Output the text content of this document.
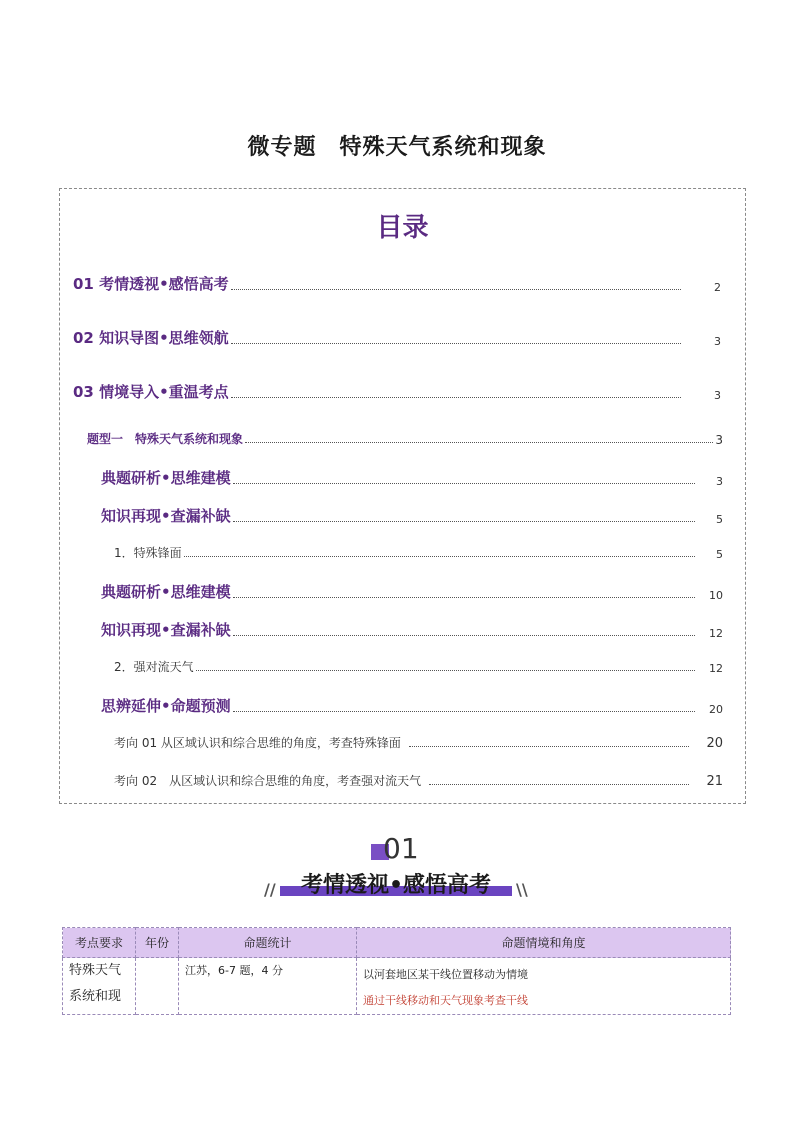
微专题　特殊天气系统和现象
目录
01 考情透视•感悟高考	2
02 知识导图•思维领航	3
03 情境导入•重温考点	3
题型一　特殊天气系统和现象	3
典题研析•思维建模	3
知识再现•查漏补缺	5
1．特殊锋面	5
典题研析•思维建模	10
知识再现•查漏补缺	12
2．强对流天气	12
思辨延伸•命题预测	20
考向 01 从区域认识和综合思维的角度，考查特殊锋面	20
考向 02　从区域认识和综合思维的角度，考查强对流天气	21
01
//	考情透视•感悟高考	\\
考点要求	年份	命题统计	命题情境和角度
特殊天气系统和现		江苏，6-7 题，4 分	以河套地区某干线位置移动为情境
通过干线移动和天气现象考查干线
